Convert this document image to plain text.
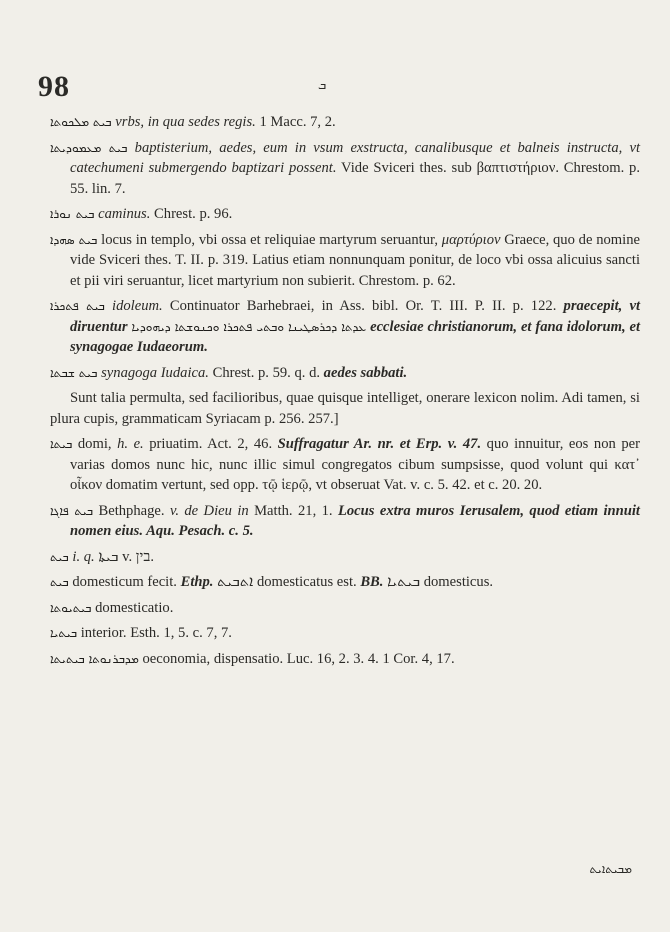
98	ܒ

ܒܝܬ ܡܠܟܘܬܐ vrbs, in qua sedes regis. 1 Macc. 7, 2.

ܒܝܬ ܡܥܡܘܕܝܬܐ baptisterium, aedes, eum in vsum exstructa, canalibusque et balneis instructa, vt catechumeni submergendo baptizari possent. Vide Sviceri thes. sub βαπτιστήριον. Chrestom. p. 55. lin. 7.

ܒܝܬ ܢܘܪܐ caminus. Chrest. p. 96.

ܒܝܬ ܣܗܕܐ locus in templo, vbi ossa et reliquiae martyrum seruantur, μαρτύριον Graece, quo de nomine vide Sviceri thes. T. II. p. 319. Latius etiam nonnunquam ponitur, de loco vbi ossa alicuius sancti et pii viri seruantur, licet martyrium non subierit. Chrestom. p. 62.

ܒܝܬ ܦܬܟܪܐ idoleum. Continuator Barhebraei, in Ass. bibl. Or. T. III. P. II. p. 122. praecepit, vt diruentur ܥܕܬܐ ܕܟܪܣܛܝܢܐ ܘܒܬܝ ܦܬܟܪܐ ܘܟܢܘܫܬܐ ܕܝܗܘܕܝܐ ecclesiae christianorum, et fana idolorum, et synagogae Iudaeorum.

ܒܝܬ ܫܒܬܐ synagoga Iudaica. Chrest. p. 59. q. d. aedes sabbati.

Sunt talia permulta, sed facilioribus, quae quisque intelliget, onerare lexicon nolim. Adi tamen, si plura cupis, grammaticam Syriacam p. 256. 257.]

ܒܝܬܐ domi, h. e. priuatim. Act. 2, 46. Suffragatur Ar. nr. et Erp. v. 47. quo innuitur, eos non per varias domos nunc hic, nunc illic simul congregatos cibum sumpsisse, quod volunt qui κατ᾽ οἶκον domatim vertunt, sed opp. τῷ ἱερῷ, vt obseruat Vat. v. c. 5. 42. et c. 20. 20.

ܒܝܬ ܦܐܓܐ Bethphage. v. de Dieu in Matth. 21, 1. Locus extra muros Ierusalem, quod etiam innuit nomen eius. Aqu. Pesach. c. 5.

ܒܝܬ i. q. ܒܝܬܐ v. בין.

ܒܝܬ domesticum fecit. Ethp. ܐܬܒܝܬ domesticatus est. BB. ܒܝܬܝܐ domesticus.

ܒܝܬܝܘܬܐ domesticatio.

ܒܝܬܝܐ interior. Esth. 1, 5. c. 7, 7.

ܡܕܒܪܢܘܬܐ ܒܝܬܝܬܐ oeconomia, dispensatio. Luc. 16, 2. 3. 4. 1 Cor. 4, 17.

ܡܒܝܬܐܝܬ
